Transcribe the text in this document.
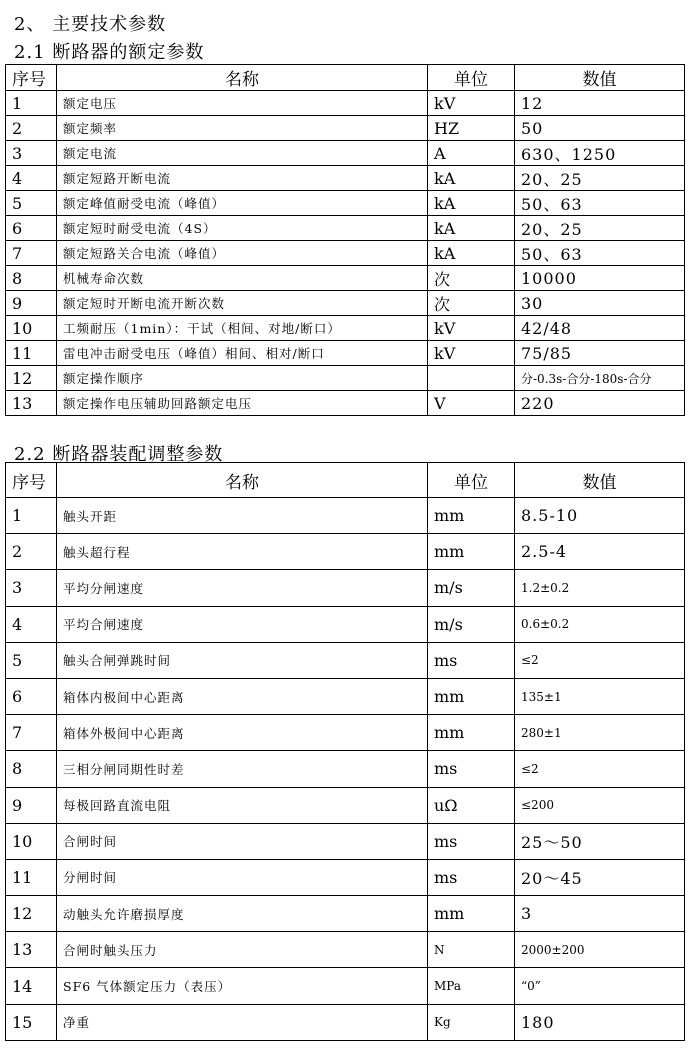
2、 主要技术参数
2.1 断路器的额定参数
序号	名称	单位	数值
1	额定电压	kV	12
2	额定频率	HZ	50
3	额定电流	A	630、1250
4	额定短路开断电流	kA	20、25
5	额定峰值耐受电流（峰值）	kA	50、63
6	额定短时耐受电流（4S）	kA	20、25
7	额定短路关合电流（峰值）	kA	50、63
8	机械寿命次数	次	10000
9	额定短时开断电流开断次数	次	30
10	工频耐压（1min）：干试（相间、对地/断口）	kV	42/48
11	雷电冲击耐受电压（峰值）相间、相对/断口	kV	75/85
12	额定操作顺序		分-0.3s-合分-180s-合分
13	额定操作电压辅助回路额定电压	V	220
2.2 断路器装配调整参数
序号	名称	单位	数值
1	触头开距	mm	8.5-10
2	触头超行程	mm	2.5-4
3	平均分闸速度	m/s	1.2±0.2
4	平均合闸速度	m/s	0.6±0.2
5	触头合闸弹跳时间	ms	≤2
6	箱体内极间中心距离	mm	135±1
7	箱体外极间中心距离	mm	280±1
8	三相分闸同期性时差	ms	≤2
9	每极回路直流电阻	uΩ	≤200
10	合闸时间	ms	25～50
11	分闸时间	ms	20～45
12	动触头允许磨损厚度	mm	3
13	合闸时触头压力	N	2000±200
14	SF6 气体额定压力（表压）	MPa	“0”
15	净重	Kg	180
